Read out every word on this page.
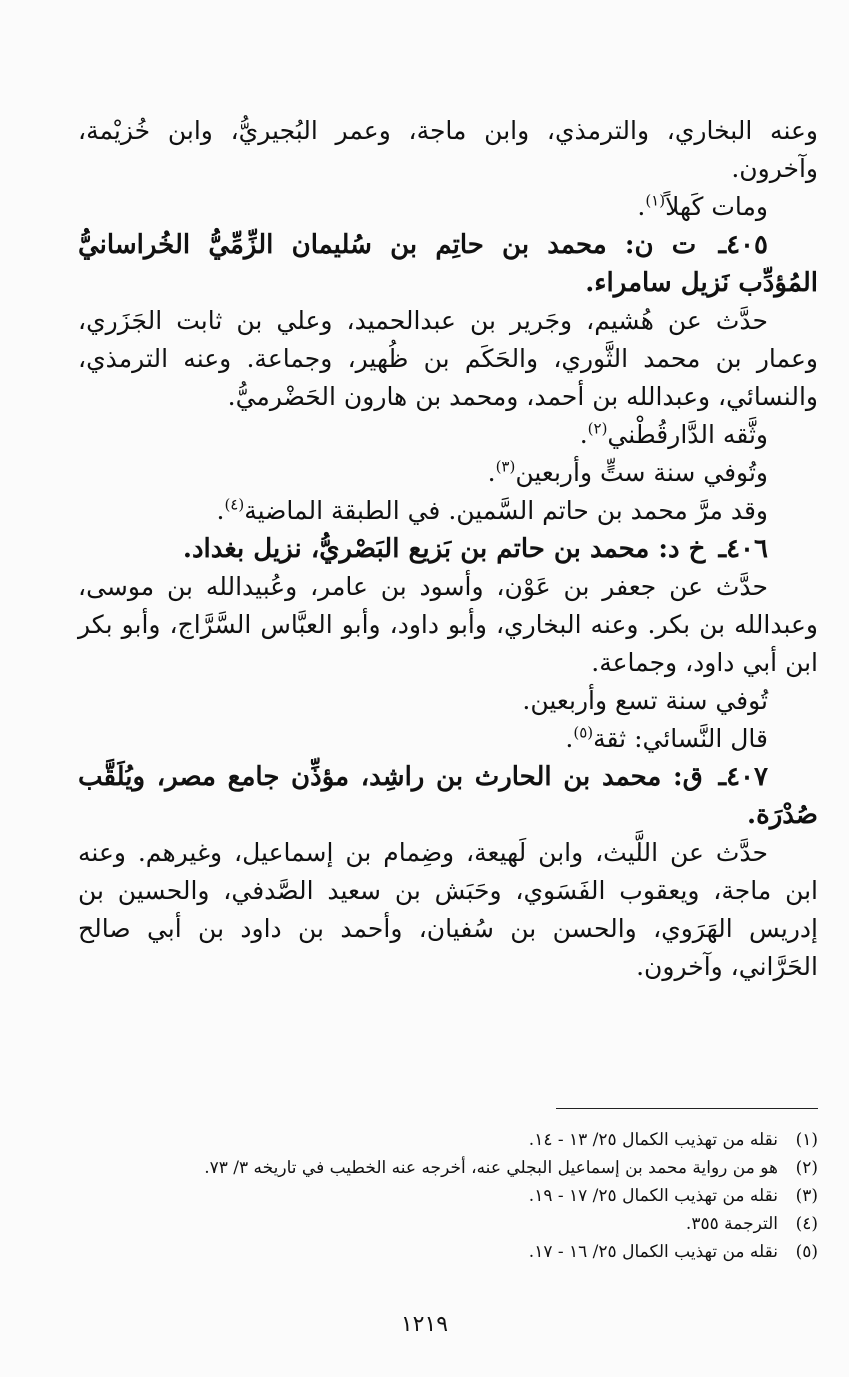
وعنه البخاري، والترمذي، وابن ماجة، وعمر البُجيريُّ، وابن خُزيْمة، وآخرون.

ومات كَهلاً$^{(١)}$.

٤٠٥ـ ت ن: محمد بن حاتِم بن سُليمان الزِّمِّيُّ الخُراسانيُّ المُؤدِّب نَزيل سامراء.

حدَّث عن هُشيم، وجَرير بن عبدالحميد، وعلي بن ثابت الجَزَري، وعمار بن محمد الثَّوري، والحَكَم بن ظُهير، وجماعة. وعنه الترمذي، والنسائي، وعبدالله بن أحمد، ومحمد بن هارون الحَضْرميُّ.

وثَّقه الدَّارقُطْني$^{(٢)}$.

وتُوفي سنة ستٍّ وأربعين$^{(٣)}$.

وقد مرَّ محمد بن حاتم السَّمين. في الطبقة الماضية$^{(٤)}$.

٤٠٦ـ خ د: محمد بن حاتم بن بَزيع البَصْريُّ، نزيل بغداد.

حدَّث عن جعفر بن عَوْن، وأسود بن عامر، وعُبيدالله بن موسى، وعبدالله بن بكر. وعنه البخاري، وأبو داود، وأبو العبَّاس السَّرَّاج، وأبو بكر ابن أبي داود، وجماعة.

تُوفي سنة تسع وأربعين.

قال النَّسائي: ثقة$^{(٥)}$.

٤٠٧ـ ق: محمد بن الحارث بن راشِد، مؤذِّن جامع مصر، ويُلَقَّب صُدْرَة.

حدَّث عن اللَّيث، وابن لَهيعة، وضِمام بن إسماعيل، وغيرهم. وعنه ابن ماجة، ويعقوب الفَسَوي، وحَبَش بن سعيد الصَّدفي، والحسين بن إدريس الهَرَوي، والحسن بن سُفيان، وأحمد بن داود بن أبي صالح الحَرَّاني، وآخرون.

(١)نقله من تهذيب الكمال ٢٥/ ١٣ - ١٤.

(٢)هو من رواية محمد بن إسماعيل البجلي عنه، أخرجه عنه الخطيب في تاريخه ٣/ ٧٣.

(٣)نقله من تهذيب الكمال ٢٥/ ١٧ - ١٩.

(٤)الترجمة ٣٥٥.

(٥)نقله من تهذيب الكمال ٢٥/ ١٦ - ١٧.

١٢١٩
